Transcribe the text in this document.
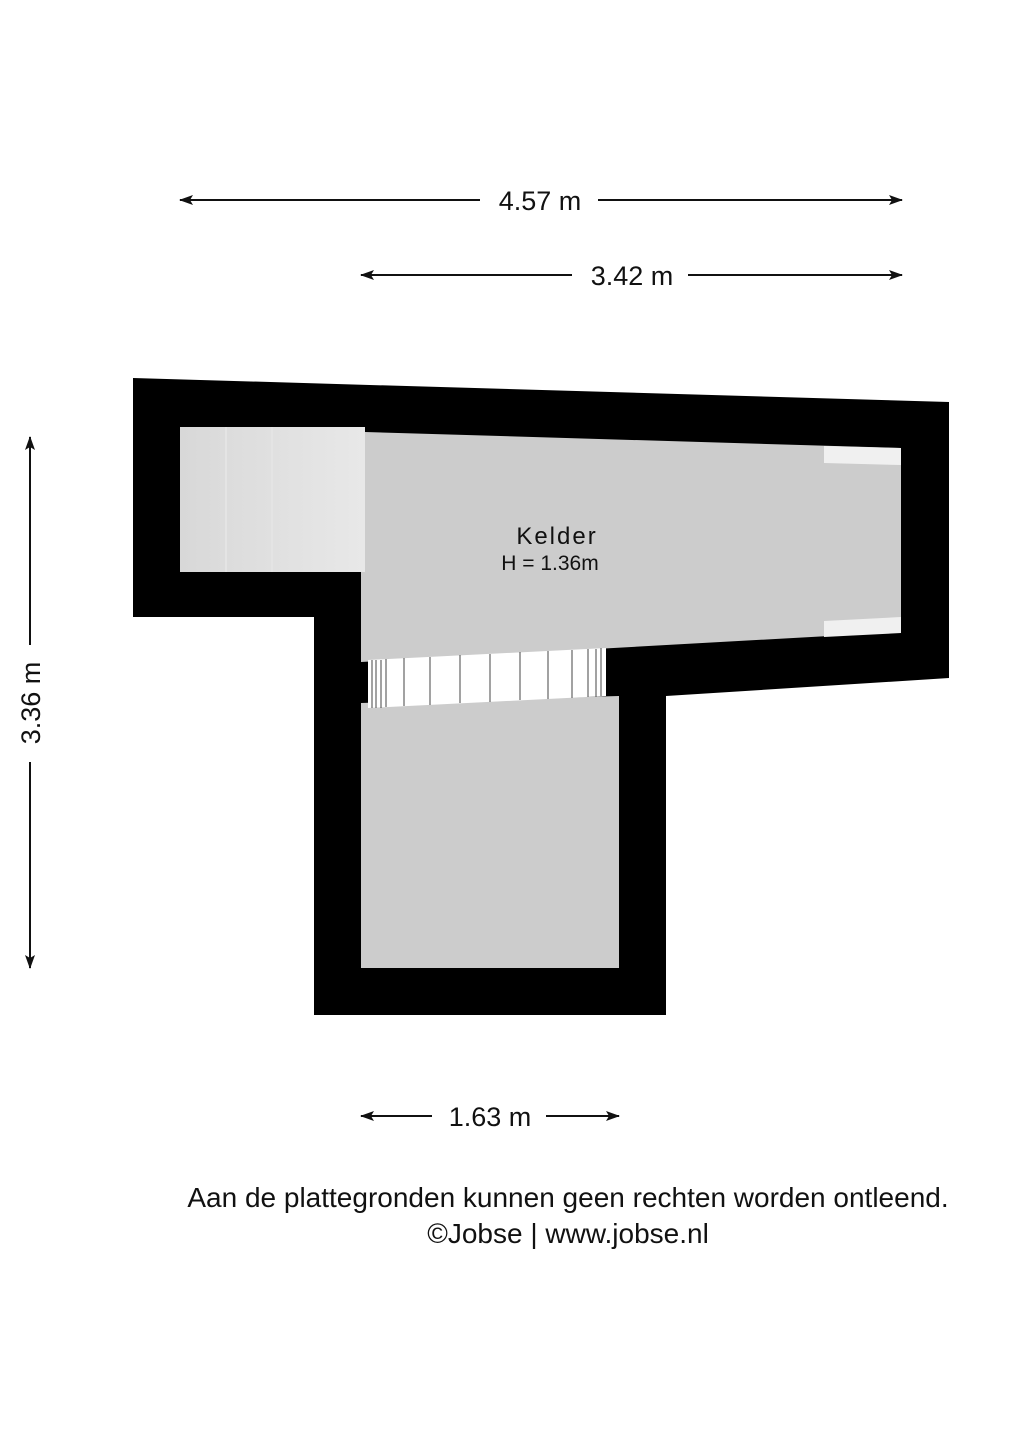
4.57 m
3.42 m
3.36 m
1.63 m
Kelder
H = 1.36m
Aan de plattegronden kunnen geen rechten worden ontleend.
©Jobse | www.jobse.nl
